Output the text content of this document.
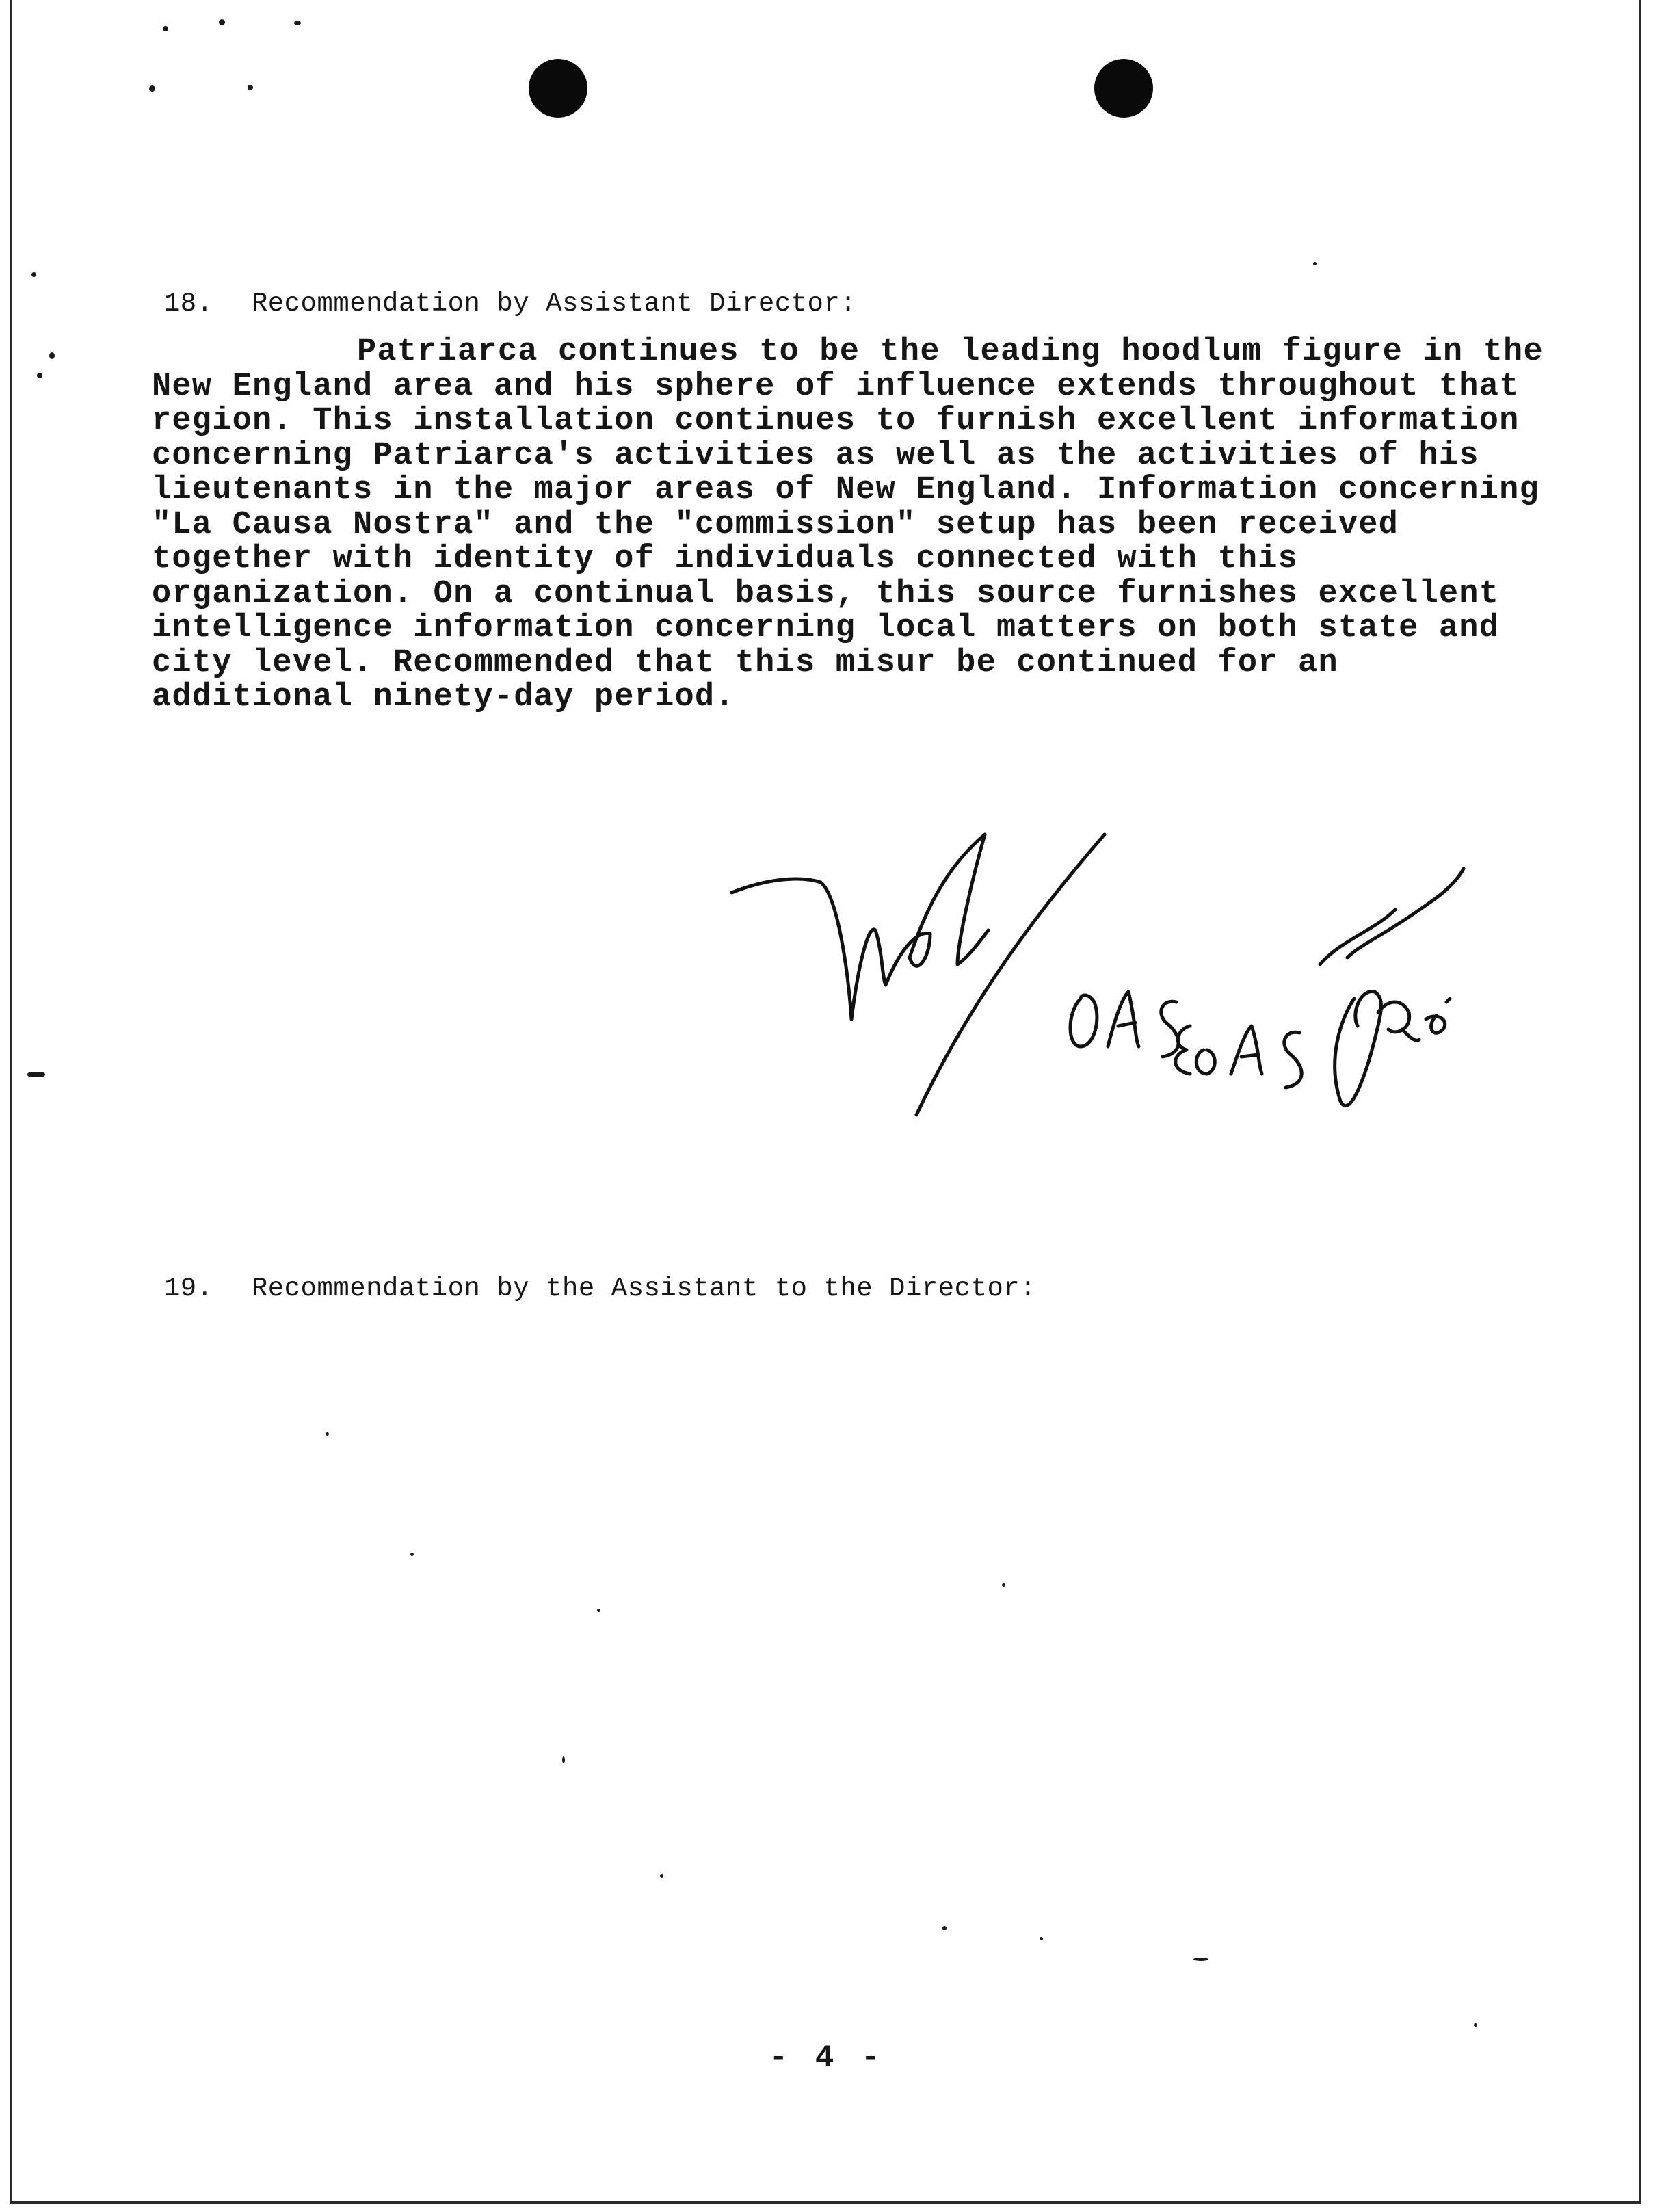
18. Recommendation by Assistant Director:

Patriarca continues to be the leading hoodlum figure in the New England area and his sphere of influence extends throughout that region. This installation continues to furnish excellent information concerning Patriarca's activities as well as the activities of his lieutenants in the major areas of New England. Information concerning "La Causa Nostra" and the "commission" setup has been received together with identity of individuals connected with this organization. On a continual basis, this source furnishes excellent intelligence information concerning local matters on both state and city level. Recommended that this misur be continued for an additional ninety-day period.

19. Recommendation by the Assistant to the Director:

- 4 -
